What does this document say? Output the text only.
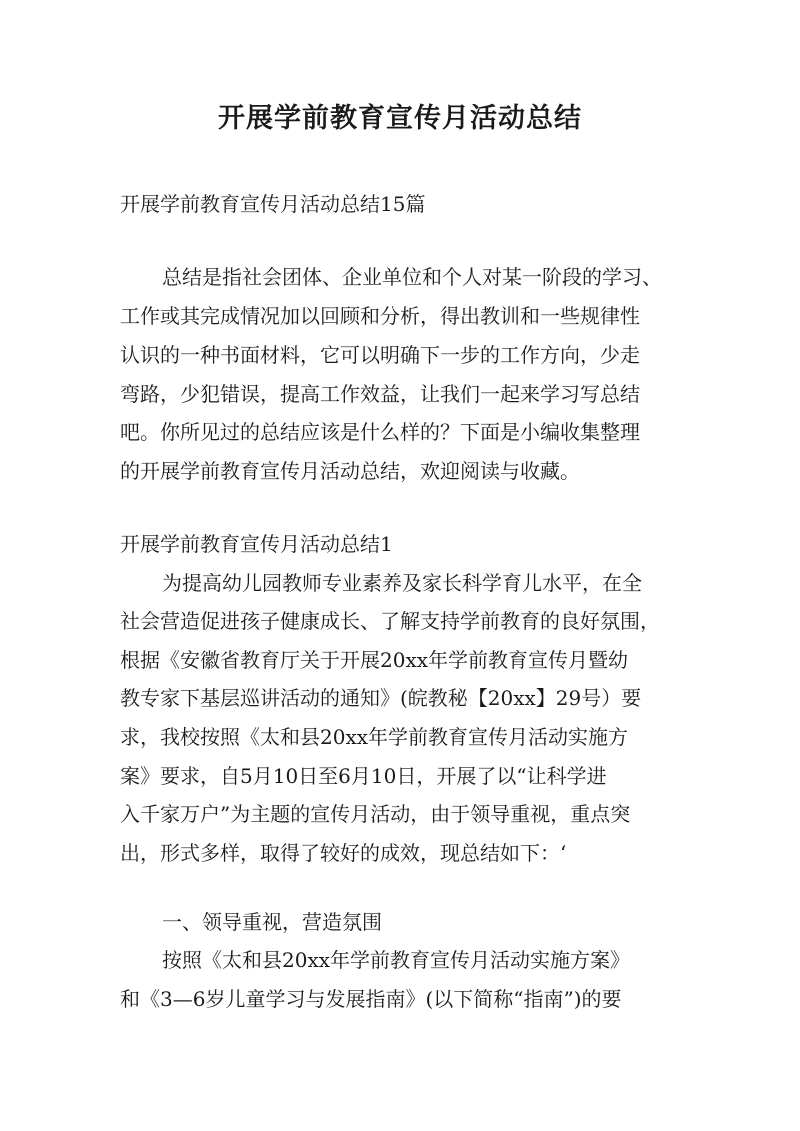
开展学前教育宣传月活动总结

开展学前教育宣传月活动总结15篇

总结是指社会团体、企业单位和个人对某一阶段的学习、

工作或其完成情况加以回顾和分析，得出教训和一些规律性

认识的一种书面材料，它可以明确下一步的工作方向，少走

弯路，少犯错误，提高工作效益，让我们一起来学习写总结

吧。你所见过的总结应该是什么样的？下面是小编收集整理

的开展学前教育宣传月活动总结，欢迎阅读与收藏。

开展学前教育宣传月活动总结1

为提高幼儿园教师专业素养及家长科学育儿水平，在全

社会营造促进孩子健康成长、了解支持学前教育的良好氛围，

根据《安徽省教育厅关于开展20xx年学前教育宣传月暨幼

教专家下基层巡讲活动的通知》(皖教秘【20xx】29号）要

求，我校按照《太和县20xx年学前教育宣传月活动实施方

案》要求，自5月10日至6月10日，开展了以“让科学进

入千家万户”为主题的宣传月活动，由于领导重视，重点突

出，形式多样，取得了较好的成效，现总结如下：‘

一、领导重视，营造氛围

按照《太和县20xx年学前教育宣传月活动实施方案》

和《3—6岁儿童学习与发展指南》(以下简称“指南”)的要
